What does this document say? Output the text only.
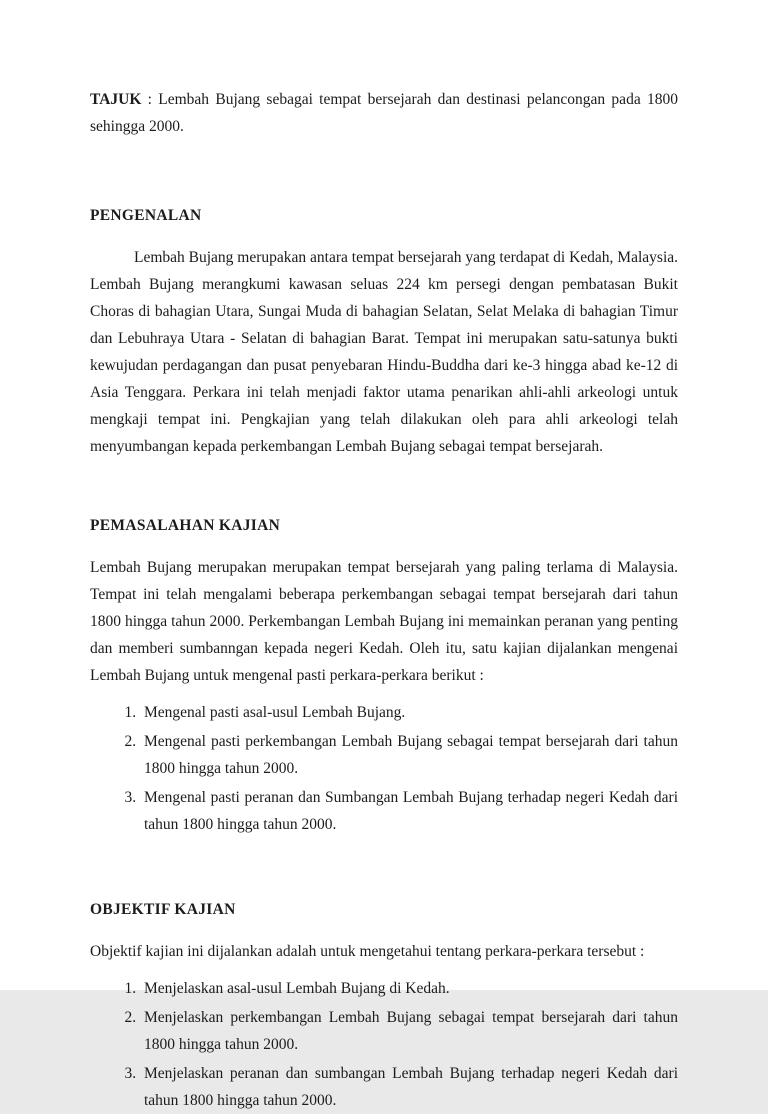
TAJUK : Lembah Bujang sebagai tempat bersejarah dan destinasi pelancongan pada 1800 sehingga 2000.

PENGENALAN

Lembah Bujang merupakan antara tempat bersejarah yang terdapat di Kedah, Malaysia. Lembah Bujang merangkumi kawasan seluas 224 km persegi dengan pembatasan Bukit Choras di bahagian Utara, Sungai Muda di bahagian Selatan, Selat Melaka di bahagian Timur dan Lebuhraya Utara - Selatan di bahagian Barat. Tempat ini merupakan satu-satunya bukti kewujudan perdagangan dan pusat penyebaran Hindu-Buddha dari ke-3 hingga abad ke-12 di Asia Tenggara. Perkara ini telah menjadi faktor utama penarikan ahli-ahli arkeologi untuk mengkaji tempat ini. Pengkajian yang telah dilakukan oleh para ahli arkeologi telah menyumbangan kepada perkembangan Lembah Bujang sebagai tempat bersejarah.

PEMASALAHAN KAJIAN

Lembah Bujang merupakan merupakan tempat bersejarah yang paling terlama di Malaysia. Tempat ini telah mengalami beberapa perkembangan sebagai tempat bersejarah dari tahun 1800 hingga tahun 2000. Perkembangan Lembah Bujang ini memainkan peranan yang penting dan memberi sumbanngan kepada negeri Kedah. Oleh itu, satu kajian dijalankan mengenai Lembah Bujang untuk mengenal pasti perkara-perkara berikut :

1. Mengenal pasti asal-usul Lembah Bujang.
2. Mengenal pasti perkembangan Lembah Bujang sebagai tempat bersejarah dari tahun 1800 hingga tahun 2000.
3. Mengenal pasti peranan dan Sumbangan Lembah Bujang terhadap negeri Kedah dari tahun 1800 hingga tahun 2000.
OBJEKTIF KAJIAN

Objektif kajian ini dijalankan adalah untuk mengetahui tentang perkara-perkara tersebut :

1. Menjelaskan asal-usul Lembah Bujang di Kedah.
2. Menjelaskan perkembangan Lembah Bujang sebagai tempat bersejarah dari tahun 1800 hingga tahun 2000.
3. Menjelaskan peranan dan sumbangan Lembah Bujang terhadap negeri Kedah dari tahun 1800 hingga tahun 2000.
